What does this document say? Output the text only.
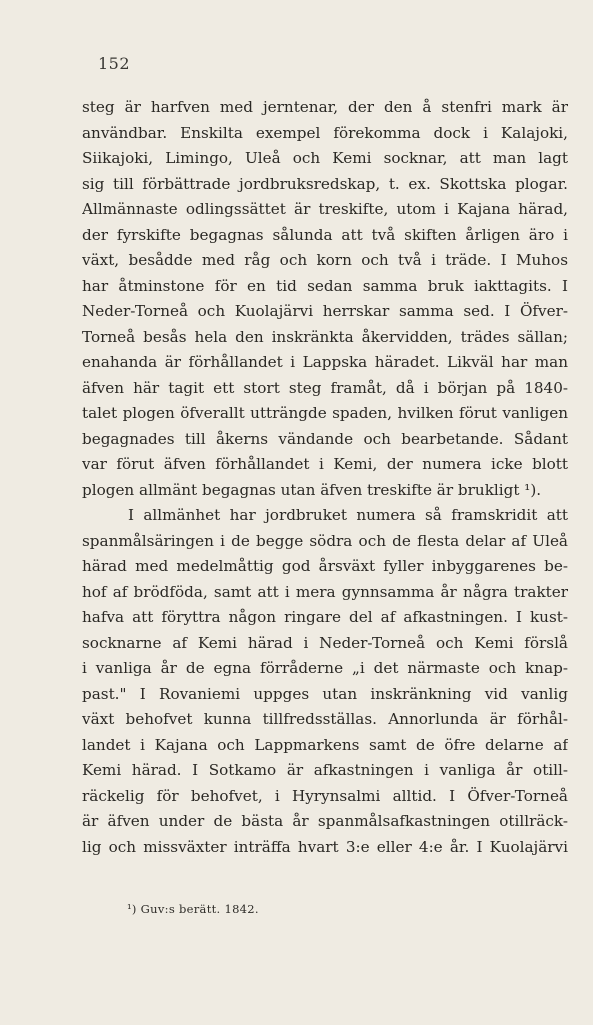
152
steg är harfven med jerntenar, der den å stenfri mark är
användbar. Enskilta exempel förekomma dock i Kalajoki,
Siikajoki, Limingo, Uleå och Kemi socknar, att man lagt
sig till förbättrade jordbruksredskap, t. ex. Skottska plogar.
Allmännaste odlingssättet är treskifte, utom i Kajana härad,
der fyrskifte begagnas sålunda att två skiften årligen äro i
växt, besådde med råg och korn och två i träde. I Muhos
har åtminstone för en tid sedan samma bruk iakttagits. I
Neder-Torneå och Kuolajärvi herrskar samma sed. I Öfver-
Torneå besås hela den inskränkta åkervidden, trädes sällan;
enahanda är förhållandet i Lappska häradet. Likväl har man
äfven här tagit ett stort steg framåt, då i början på 1840-
talet plogen öfverallt utträngde spaden, hvilken förut vanligen
begagnades till åkerns vändande och bearbetande. Sådant
var förut äfven förhållandet i Kemi, der numera icke blott
plogen allmänt begagnas utan äfven treskifte är brukligt ¹).
I allmänhet har jordbruket numera så framskridit att
spanmålsäringen i de begge södra och de flesta delar af Uleå
härad med medelmåttig god årsväxt fyller inbyggarenes be-
hof af brödföda, samt att i mera gynnsamma år några trakter
hafva att föryttra någon ringare del af afkastningen. I kust-
socknarne af Kemi härad i Neder-Torneå och Kemi förslå
i vanliga år de egna förråderne „i det närmaste och knap-
past." I Rovaniemi uppges utan inskränkning vid vanlig
växt behofvet kunna tillfredsställas. Annorlunda är förhål-
landet i Kajana och Lappmarkens samt de öfre delarne af
Kemi härad. I Sotkamo är afkastningen i vanliga år otill-
räckelig för behofvet, i Hyrynsalmi alltid. I Öfver-Torneå
är äfven under de bästa år spanmålsafkastningen otillräck-
lig och missväxter inträffa hvart 3:e eller 4:e år. I Kuolajärvi
¹) Guv:s berätt. 1842.
